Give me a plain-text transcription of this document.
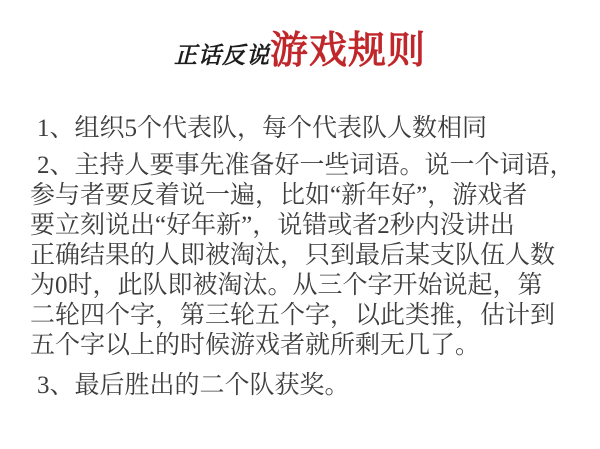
正话反说游戏规则

1、组织5个代表队，每个代表队人数相同

2、主持人要事先准备好一些词语。说一个词语，
参与者要反着说一遍，比如“新年好”，游戏者
要立刻说出“好年新”，说错或者2秒内没讲出
正确结果的人即被淘汰，只到最后某支队伍人数
为0时，此队即被淘汰。从三个字开始说起，第
二轮四个字，第三轮五个字，以此类推，估计到
五个字以上的时候游戏者就所剩无几了。

3、最后胜出的二个队获奖。
